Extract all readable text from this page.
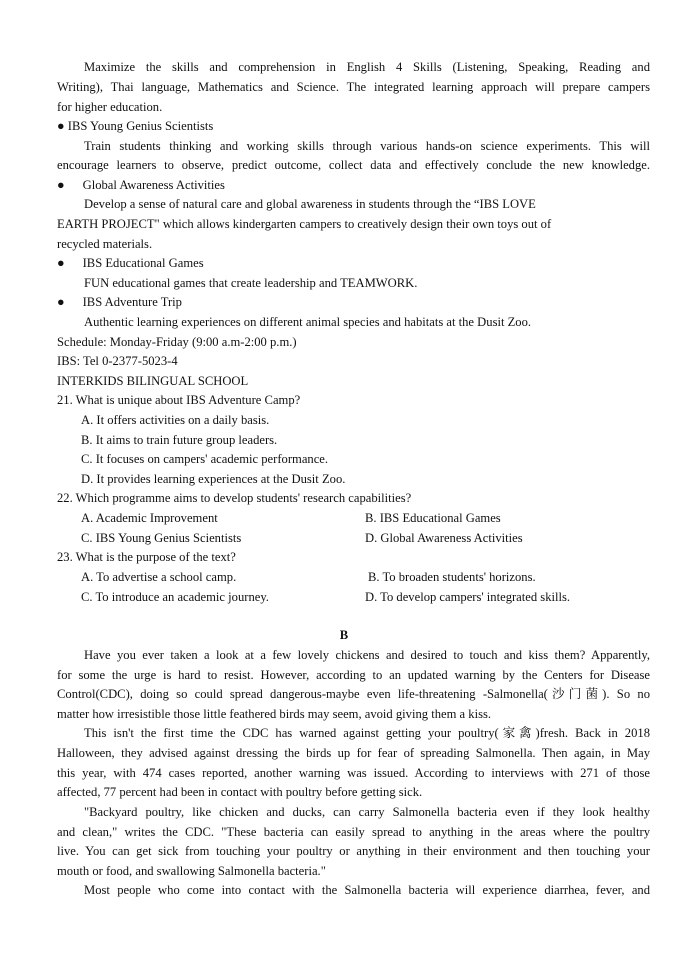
Maximize the skills and comprehension in English 4 Skills (Listening, Speaking, Reading and
Writing), Thai language, Mathematics and Science. The integrated learning approach will prepare campers
for higher education.
● IBS Young Genius Scientists
Train students thinking and working skills through various hands-on science experiments. This will
encourage learners to observe, predict outcome, collect data and effectively conclude the new knowledge.
● Global Awareness Activities
Develop a sense of natural care and global awareness in students through the “IBS LOVE
EARTH PROJECT" which allows kindergarten campers to creatively design their own toys out of
recycled materials.
● IBS Educational Games
FUN educational games that create leadership and TEAMWORK.
● IBS Adventure Trip
Authentic learning experiences on different animal species and habitats at the Dusit Zoo.
Schedule: Monday-Friday (9:00 a.m-2:00 p.m.)
IBS: Tel 0-2377-5023-4
INTERKIDS BILINGUAL SCHOOL
21. What is unique about IBS Adventure Camp?
A. It offers activities on a daily basis.
B. It aims to train future group leaders.
C. It focuses on campers' academic performance.
D. It provides learning experiences at the Dusit Zoo.
22. Which programme aims to develop students' research capabilities?
A. Academic Improvement	B. IBS Educational Games
C. IBS Young Genius Scientists	D. Global Awareness Activities
23. What is the purpose of the text?
A. To advertise a school camp.	B. To broaden students' horizons.
C. To introduce an academic journey.	D. To develop campers' integrated skills.
B
Have you ever taken a look at a few lovely chickens and desired to touch and kiss them? Apparently,
for some the urge is hard to resist. However, according to an updated warning by the Centers for Disease
Control(CDC), doing so could spread dangerous-maybe even life-threatening -Salmonella(沙门菌). So no
matter how irresistible those little feathered birds may seem, avoid giving them a kiss.
This isn't the first time the CDC has warned against getting your poultry(家禽)fresh. Back in 2018
Halloween, they advised against dressing the birds up for fear of spreading Salmonella. Then again, in May
this year, with 474 cases reported, another warning was issued. According to interviews with 271 of those
affected, 77 percent had been in contact with poultry before getting sick.
"Backyard poultry, like chicken and ducks, can carry Salmonella bacteria even if they look healthy
and clean," writes the CDC. "These bacteria can easily spread to anything in the areas where the poultry
live. You can get sick from touching your poultry or anything in their environment and then touching your
mouth or food, and swallowing Salmonella bacteria."
Most people who come into contact with the Salmonella bacteria will experience diarrhea, fever, and
